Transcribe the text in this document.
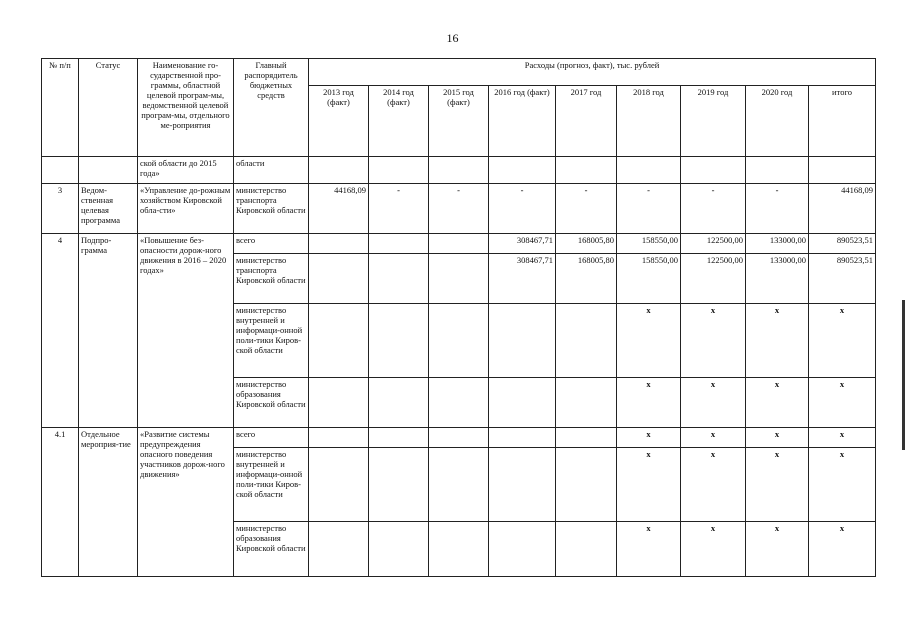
16
№ п/п	Статус	Наименование го-сударственной про-граммы, областной целевой програм-мы, ведомственной целевой програм-мы, отдельного ме-роприятия	Главный распорядитель бюджетных средств	Расходы (прогноз, факт), тыс. рублей								
				2013 год (факт)	2014 год (факт)	2015 год (факт)	2016 год (факт)	2017 год	2018 год	2019 год	2020 год	итого
		ской области до 2015 года»	области									
3	Ведом-ственная целевая программа	«Управление до-рожным хозяйством Кировской обла-сти»	министерство транспорта Кировской области	44168,09	-	-	-	-	-	-	-	44168,09
4	Подпро-грамма	«Повышение без-опасности дорож-ного движения в 2016 – 2020 годах»	всего				308467,71	168005,80	158550,00	122500,00	133000,00	890523,51
			министерство транспорта Кировской области				308467,71	168005,80	158550,00	122500,00	133000,00	890523,51
			министерство внутренней и информаци-онной поли-тики Киров-ской области						x	x	x	x
			министерство образования Кировской области						x	x	x	x
4.1	Отдельное мероприя-тие	«Развитие системы предупреждения опасного поведения участников дорож-ного движения»	всего						x	x	x	x
			министерство внутренней и информаци-онной поли-тики Киров-ской области						x	x	x	x
			министерство образования Кировской области						x	x	x	x
